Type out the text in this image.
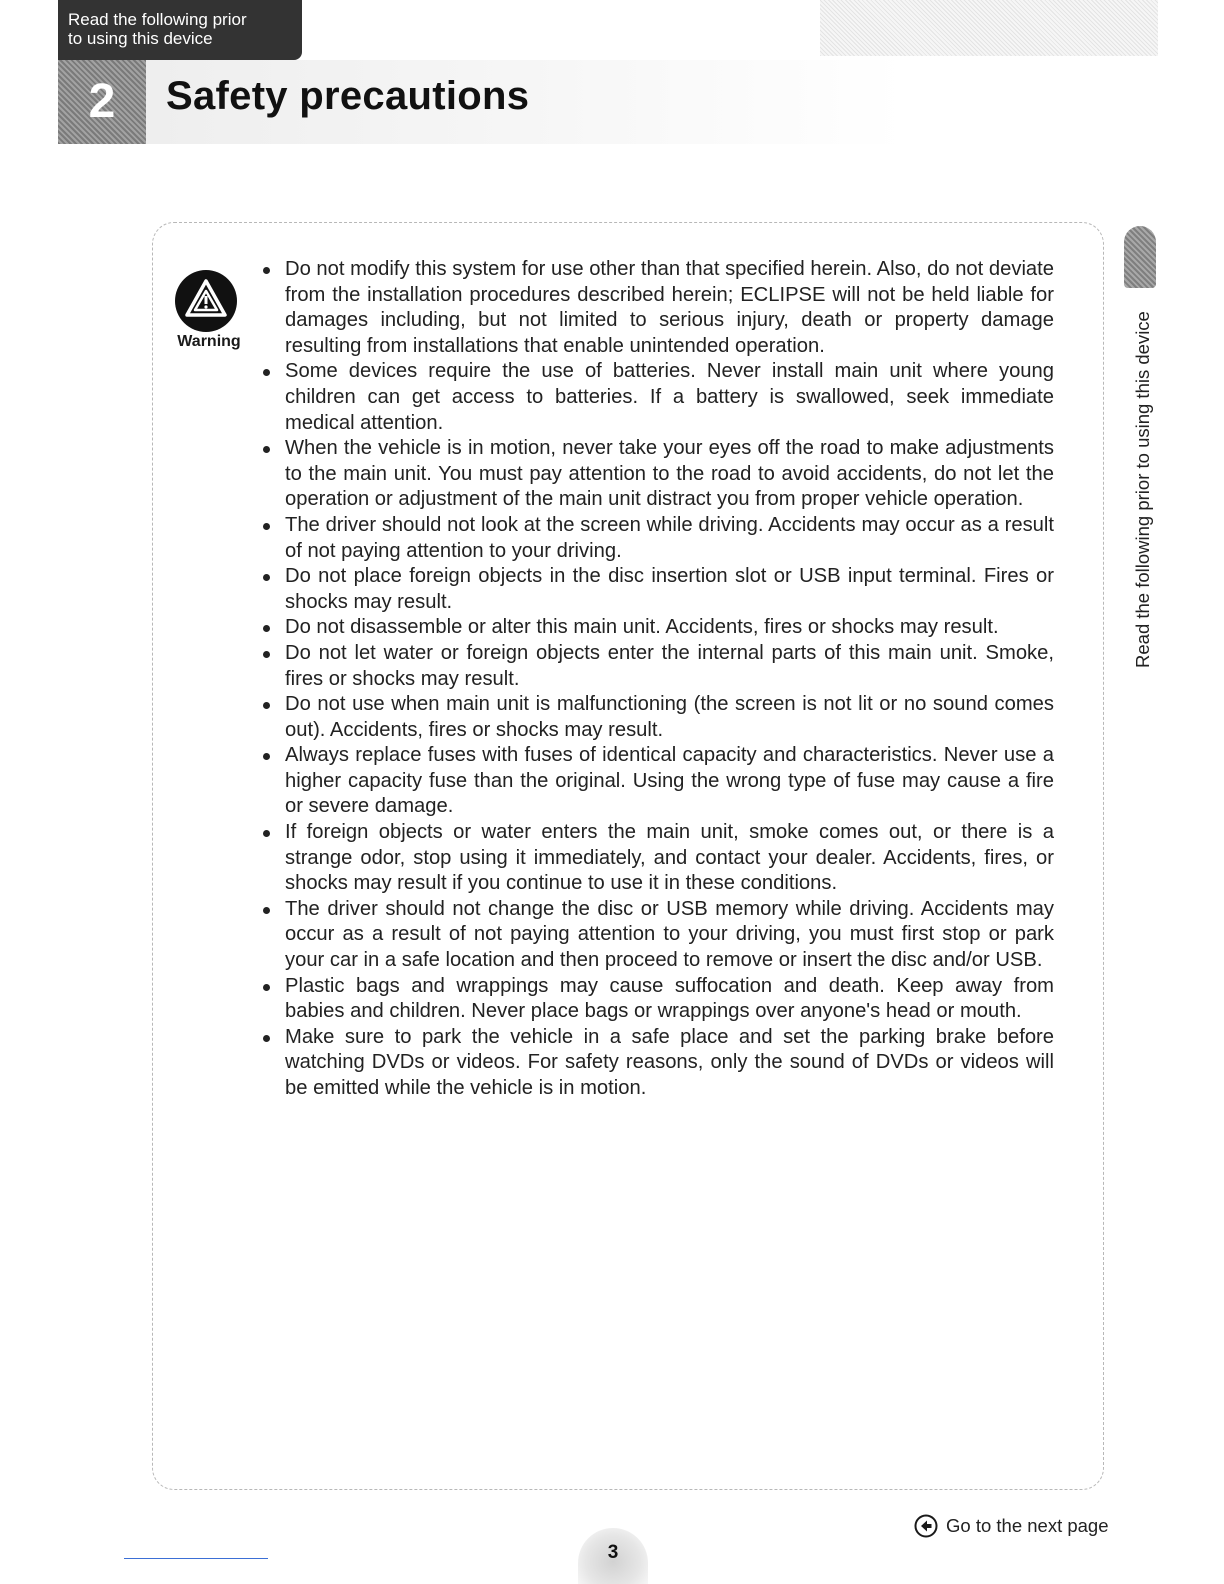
Read the following prior
to using this device
2	Safety precautions
Warning
Do not modify this system for use other than that specified herein. Also, do not deviate from the installation procedures described herein; ECLIPSE will not be held liable for damages including, but not limited to serious injury, death or property damage resulting from installations that enable unintended operation.
Some devices require the use of batteries. Never install main unit where young children can get access to batteries. If a battery is swallowed, seek immediate medical attention.
When the vehicle is in motion, never take your eyes off the road to make adjustments to the main unit. You must pay attention to the road to avoid accidents, do not let the operation or adjustment of the main unit distract you from proper vehicle operation.
The driver should not look at the screen while driving. Accidents may occur as a result of not paying attention to your driving.
Do not place foreign objects in the disc insertion slot or USB input terminal. Fires or shocks may result.
Do not disassemble or alter this main unit. Accidents, fires or shocks may result.
Do not let water or foreign objects enter the internal parts of this main unit. Smoke, fires or shocks may result.
Do not use when main unit is malfunctioning (the screen is not lit or no sound comes out). Accidents, fires or shocks may result.
Always replace fuses with fuses of identical capacity and characteristics. Never use a higher capacity fuse than the original. Using the wrong type of fuse may cause a fire or severe damage.
If foreign objects or water enters the main unit, smoke comes out, or there is a strange odor, stop using it immediately, and contact your dealer. Accidents, fires, or shocks may result if you continue to use it in these conditions.
The driver should not change the disc or USB memory while driving. Accidents may occur as a result of not paying attention to your driving, you must first stop or park your car in a safe location and then proceed to remove or insert the disc and/or USB.
Plastic bags and wrappings may cause suffocation and death. Keep away from babies and children. Never place bags or wrappings over anyone's head or mouth.
Make sure to park the vehicle in a safe place and set the parking brake before watching DVDs or videos. For safety reasons, only the sound of DVDs or videos will be emitted while the vehicle is in motion.
Read the following prior to using this device
Go to the next page
3
